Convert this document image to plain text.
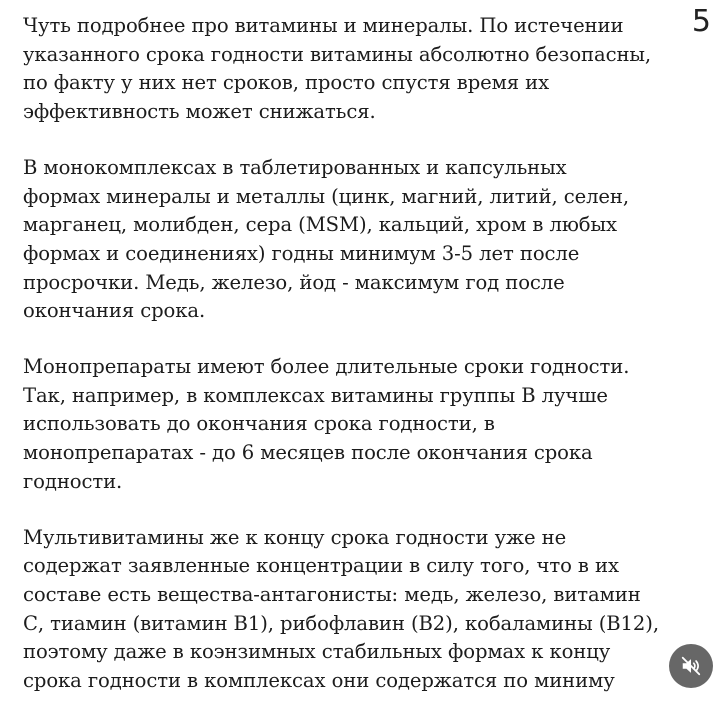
5

Чуть подробнее про витамины и минералы. По истечении
указанного срока годности витамины абсолютно безопасны,
по факту у них нет сроков, просто спустя время их
эффективность может снижаться.

В монокомплексах в таблетированных и капсульных
формах минералы и металлы (цинк, магний, литий, селен,
марганец, молибден, сера (MSM), кальций, хром в любых
формах и соединениях) годны минимум 3-5 лет после
просрочки. Медь, железо, йод - максимум год после
окончания срока.

Монопрепараты имеют более длительные сроки годности.
Так, например, в комплексах витамины группы В лучше
использовать до окончания срока годности, в
монопрепаратах - до 6 месяцев после окончания срока
годности.

Мультивитамины же к концу срока годности уже не
содержат заявленные концентрации в силу того, что в их
составе есть вещества-антагонисты: медь, железо, витамин
С, тиамин (витамин В1), рибофлавин (В2), кобаламины (В12),
поэтому даже в коэнзимных стабильных формах к концу
срока годности в комплексах они содержатся по миниму
